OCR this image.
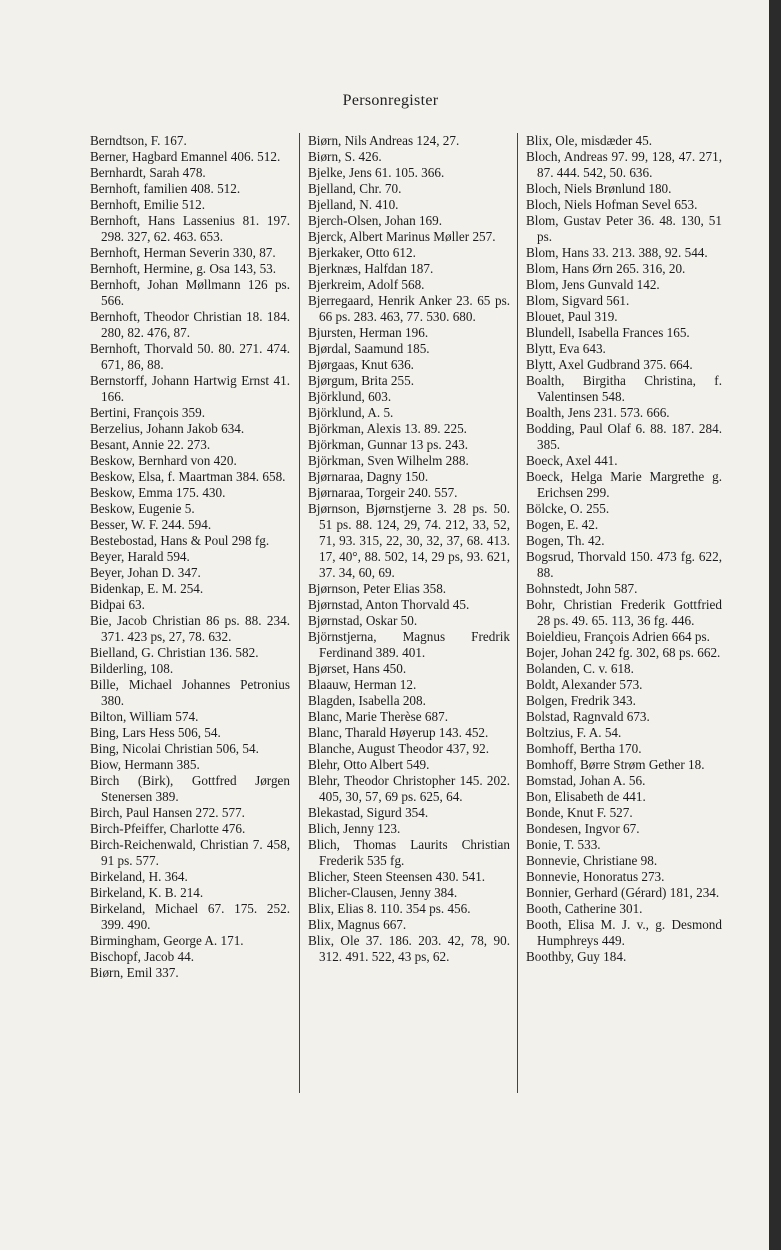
Personregister

Berndtson, F. 167.

Berner, Hagbard Emannel 406. 512.

Bernhardt, Sarah 478.

Bernhoft, familien 408. 512.

Bernhoft, Emilie 512.

Bernhoft, Hans Lassenius 81. 197. 298. 327, 62. 463. 653.

Bernhoft, Herman Severin 330, 87.

Bernhoft, Hermine, g. Osa 143, 53.

Bernhoft, Johan Møllmann 126 ps. 566.

Bernhoft, Theodor Christian 18. 184. 280, 82. 476, 87.

Bernhoft, Thorvald 50. 80. 271. 474. 671, 86, 88.

Bernstorff, Johann Hartwig Ernst 41. 166.

Bertini, François 359.

Berzelius, Johann Jakob 634.

Besant, Annie 22. 273.

Beskow, Bernhard von 420.

Beskow, Elsa, f. Maartman 384. 658.

Beskow, Emma 175. 430.

Beskow, Eugenie 5.

Besser, W. F. 244. 594.

Bestebostad, Hans & Poul 298 fg.

Beyer, Harald 594.

Beyer, Johan D. 347.

Bidenkap, E. M. 254.

Bidpai 63.

Bie, Jacob Christian 86 ps. 88. 234. 371. 423 ps, 27, 78. 632.

Bielland, G. Christian 136. 582.

Bilderling, 108.

Bille, Michael Johannes Petronius 380.

Bilton, William 574.

Bing, Lars Hess 506, 54.

Bing, Nicolai Christian 506, 54.

Biow, Hermann 385.

Birch (Birk), Gottfred Jørgen Stenersen 389.

Birch, Paul Hansen 272. 577.

Birch-Pfeiffer, Charlotte 476.

Birch-Reichenwald, Christian 7. 458, 91 ps. 577.

Birkeland, H. 364.

Birkeland, K. B. 214.

Birkeland, Michael 67. 175. 252. 399. 490.

Birmingham, George A. 171.

Bischopf, Jacob 44.

Biørn, Emil 337.

Biørn, Nils Andreas 124, 27.

Biørn, S. 426.

Bjelke, Jens 61. 105. 366.

Bjelland, Chr. 70.

Bjelland, N. 410.

Bjerch-Olsen, Johan 169.

Bjerck, Albert Marinus Møller 257.

Bjerkaker, Otto 612.

Bjerknæs, Halfdan 187.

Bjerkreim, Adolf 568.

Bjerregaard, Henrik Anker 23. 65 ps. 66 ps. 283. 463, 77. 530. 680.

Bjursten, Herman 196.

Bjørdal, Saamund 185.

Bjørgaas, Knut 636.

Bjørgum, Brita 255.

Björklund, 603.

Björklund, A. 5.

Björkman, Alexis 13. 89. 225.

Björkman, Gunnar 13 ps. 243.

Björkman, Sven Wilhelm 288.

Bjørnaraa, Dagny 150.

Bjørnaraa, Torgeir 240. 557.

Bjørnson, Bjørnstjerne 3. 28 ps. 50. 51 ps. 88. 124, 29, 74. 212, 33, 52, 71, 93. 315, 22, 30, 32, 37, 68. 413. 17, 40°, 88. 502, 14, 29 ps, 93. 621, 37. 34, 60, 69.

Bjørnson, Peter Elias 358.

Bjørnstad, Anton Thorvald 45.

Bjørnstad, Oskar 50.

Björnstjerna, Magnus Fredrik Ferdinand 389. 401.

Bjørset, Hans 450.

Blaauw, Herman 12.

Blagden, Isabella 208.

Blanc, Marie Therèse 687.

Blanc, Tharald Høyerup 143. 452.

Blanche, August Theodor 437, 92.

Blehr, Otto Albert 549.

Blehr, Theodor Christopher 145. 202. 405, 30, 57, 69 ps. 625, 64.

Blekastad, Sigurd 354.

Blich, Jenny 123.

Blich, Thomas Laurits Christian Frederik 535 fg.

Blicher, Steen Steensen 430. 541.

Blicher-Clausen, Jenny 384.

Blix, Elias 8. 110. 354 ps. 456.

Blix, Magnus 667.

Blix, Ole 37. 186. 203. 42, 78, 90. 312. 491. 522, 43 ps, 62.

Blix, Ole, misdæder 45.

Bloch, Andreas 97. 99, 128, 47. 271, 87. 444. 542, 50. 636.

Bloch, Niels Brønlund 180.

Bloch, Niels Hofman Sevel 653.

Blom, Gustav Peter 36. 48. 130, 51 ps.

Blom, Hans 33. 213. 388, 92. 544.

Blom, Hans Ørn 265. 316, 20.

Blom, Jens Gunvald 142.

Blom, Sigvard 561.

Blouet, Paul 319.

Blundell, Isabella Frances 165.

Blytt, Eva 643.

Blytt, Axel Gudbrand 375. 664.

Boalth, Birgitha Christina, f. Valentinsen 548.

Boalth, Jens 231. 573. 666.

Bodding, Paul Olaf 6. 88. 187. 284. 385.

Boeck, Axel 441.

Boeck, Helga Marie Margrethe g. Erichsen 299.

Bölcke, O. 255.

Bogen, E. 42.

Bogen, Th. 42.

Bogsrud, Thorvald 150. 473 fg. 622, 88.

Bohnstedt, John 587.

Bohr, Christian Frederik Gottfried 28 ps. 49. 65. 113, 36 fg. 446.

Boieldieu, François Adrien 664 ps.

Bojer, Johan 242 fg. 302, 68 ps. 662.

Bolanden, C. v. 618.

Boldt, Alexander 573.

Bolgen, Fredrik 343.

Bolstad, Ragnvald 673.

Boltzius, F. A. 54.

Bomhoff, Bertha 170.

Bomhoff, Børre Strøm Gether 18.

Bomstad, Johan A. 56.

Bon, Elisabeth de 441.

Bonde, Knut F. 527.

Bondesen, Ingvor 67.

Bonie, T. 533.

Bonnevie, Christiane 98.

Bonnevie, Honoratus 273.

Bonnier, Gerhard (Gérard) 181, 234.

Booth, Catherine 301.

Booth, Elisa M. J. v., g. Desmond Humphreys 449.

Boothby, Guy 184.
